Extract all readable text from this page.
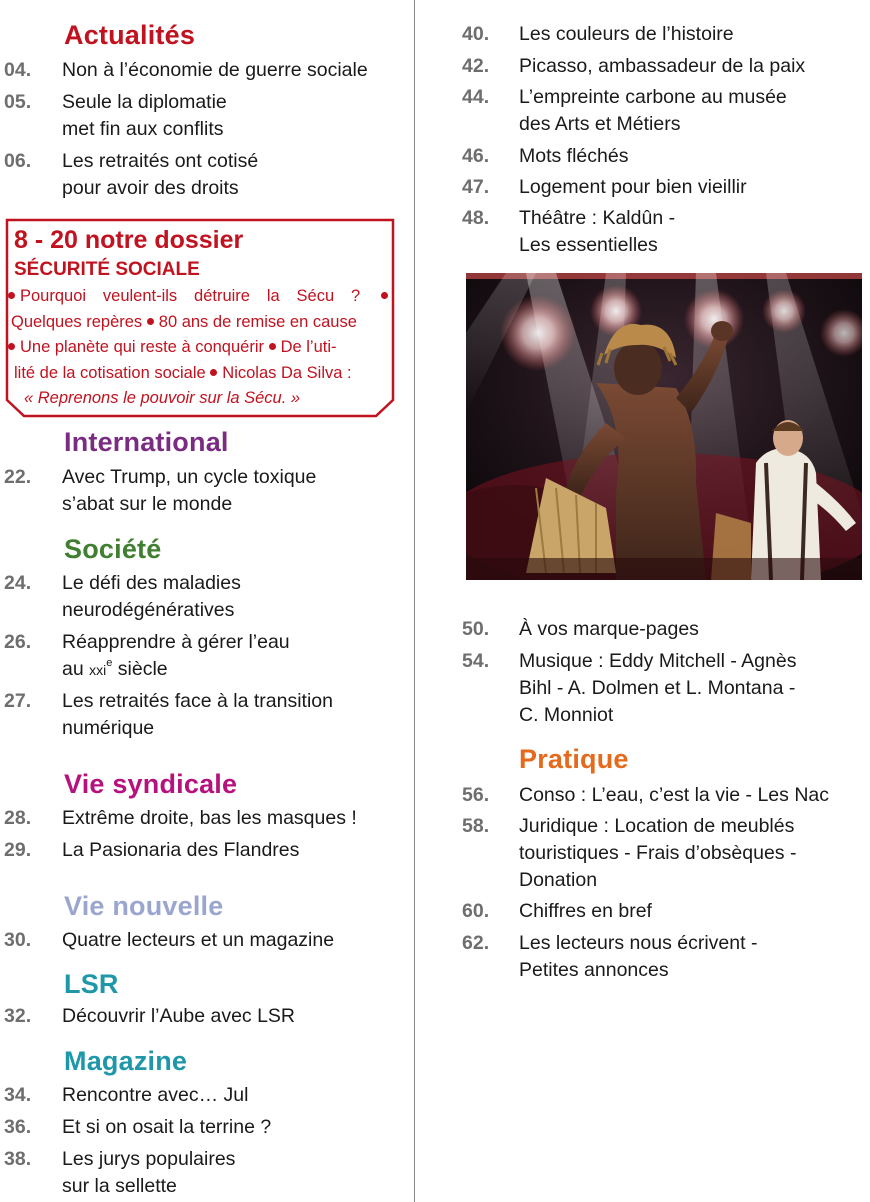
Actualités
04. Non à l’économie de guerre sociale
05. Seule la diplomatie
met fin aux conflits
06. Les retraités ont cotisé
pour avoir des droits
8 - 20 notre dossier
SÉCURITÉ SOCIALE
Pourquoi veulent-ils détruire la Sécu ?
Quelques repères 80 ans de remise en cause
Une planète qui reste à conquérir De l’uti-
lité de la cotisation sociale Nicolas Da Silva :
« Reprenons le pouvoir sur la Sécu. »
International
22. Avec Trump, un cycle toxique
s’abat sur le monde
Société
24. Le défi des maladies
neurodégénératives
26. Réapprendre à gérer l’eau
au xxi$^e$ siècle
27. Les retraités face à la transition
numérique
Vie syndicale
28. Extrême droite, bas les masques !
29. La Pasionaria des Flandres
Vie nouvelle
30. Quatre lecteurs et un magazine
LSR
32. Découvrir l’Aube avec LSR
Magazine
34. Rencontre avec… Jul
36. Et si on osait la terrine ?
38. Les jurys populaires
sur la sellette
40. Les couleurs de l’histoire
42. Picasso, ambassadeur de la paix
44. L’empreinte carbone au musée
des Arts et Métiers
46. Mots fléchés
47. Logement pour bien vieillir
48. Théâtre : Kaldûn -
Les essentielles
50. À vos marque-pages
54. Musique : Eddy Mitchell - Agnès
Bihl - A. Dolmen et L. Montana -
C. Monniot
Pratique
56. Conso : L’eau, c’est la vie - Les Nac
58. Juridique : Location de meublés
touristiques - Frais d’obsèques -
Donation
60. Chiffres en bref
62. Les lecteurs nous écrivent -
Petites annonces
